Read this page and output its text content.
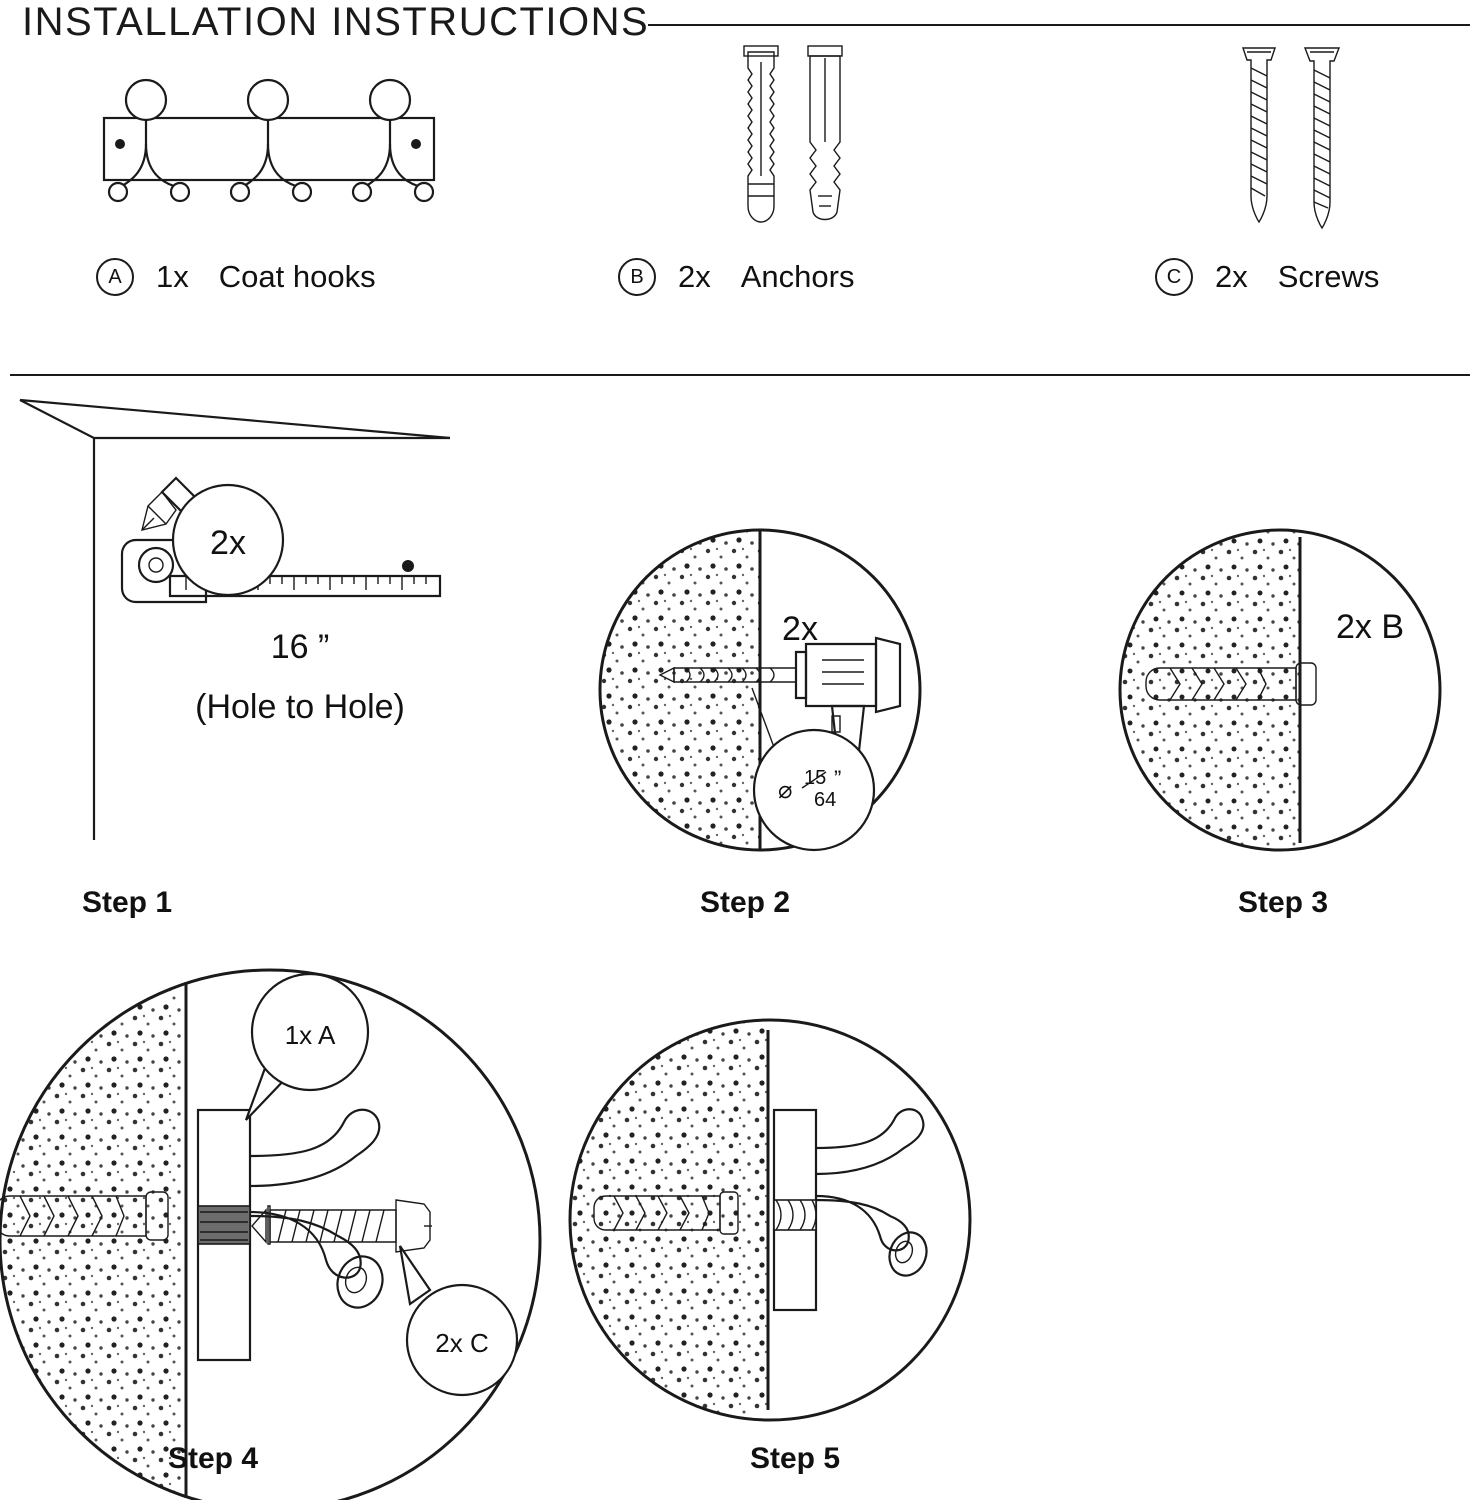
INSTALLATION INSTRUCTIONS
A	1x Coat hooks	B	2x Anchors	C	2x Screws
2x
16 ”
(Hole to Hole)
Step 1
2x
⌀ 15
64
”
Step 2
2x B
Step 3
1x A
2x C
Step 4	Step 5
